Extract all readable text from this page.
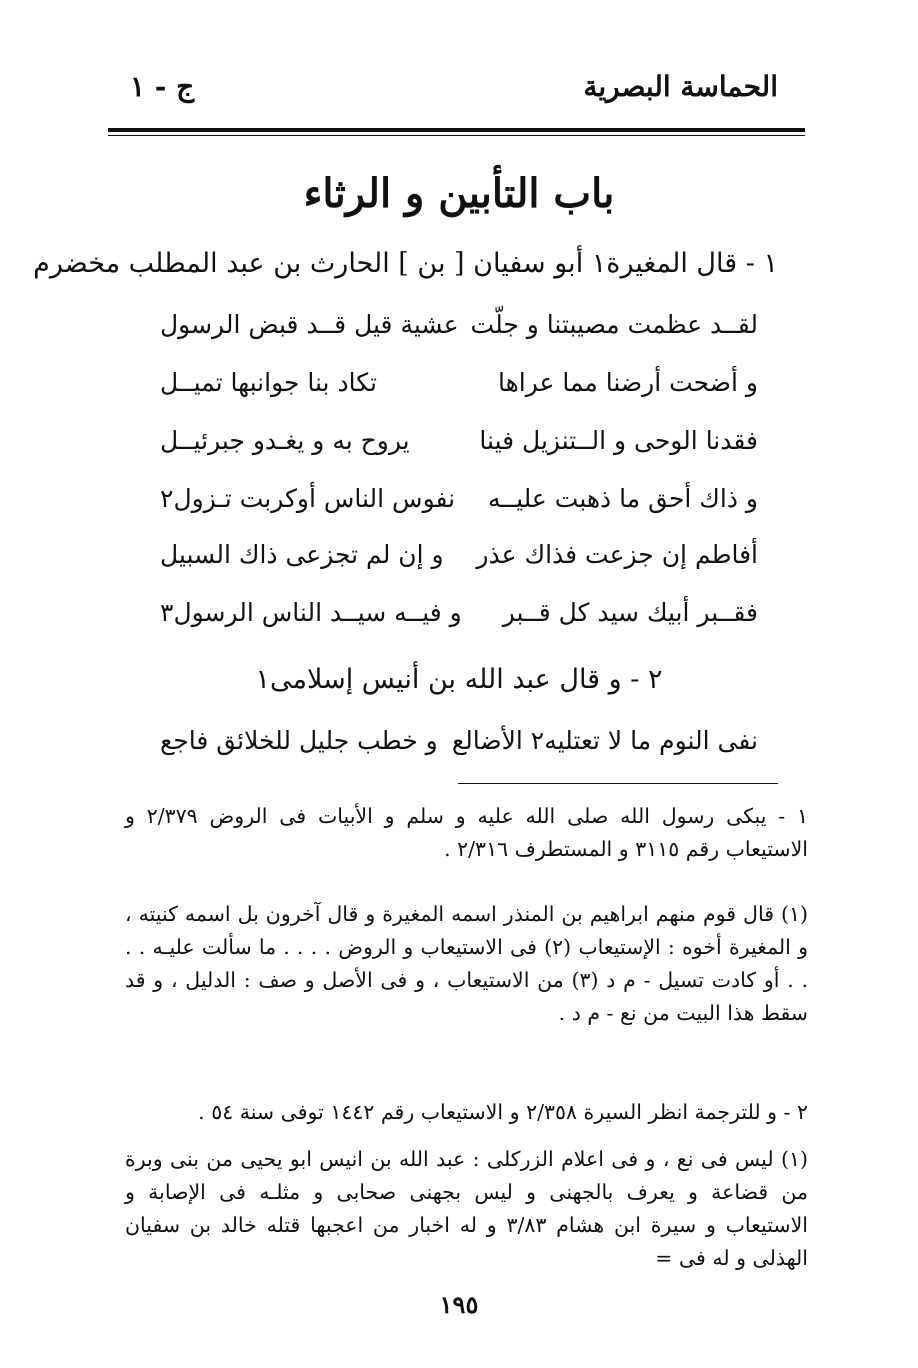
الحماسة البصرية
ج - ١
باب التأبين و الرثاء
١ - قال المغيرة١ أبو سفيان [ بن ] الحارث بن عبد المطلب مخضرم
لقــد عظمت مصيبتنا و جلّت
عشية قيل قــد قبض الرسول
و أضحت أرضنا مما عراها
تكاد بنا جوانبها تميــل
فقدنا الوحى و الــتنزيل فينا
يروح به و يغـدو جبرئيــل
و ذاك أحق ما ذهبت عليــه
نفوس الناس أوكربت تـزول٢
أفاطم إن جزعت فذاك عذر
و إن لم تجزعى ذاك السبيل
فقــبر أبيك سيد كل قــبر
و فيــه سيــد الناس الرسول٣
٢ - و قال عبد الله بن أنيس إسلامى١
نفى النوم ما لا تعتليه٢ الأضالع
و خطب جليل للخلائق فاجع

١ - يبكى رسول الله صلى الله عليه و سلم و الأبيات فى الروض ٢/٣٧٩ و الاستيعاب رقم ٣١١٥ و المستطرف ٢/٣١٦ .

(١) قال قوم منهم ابراهيم بن المنذر اسمه المغيرة و قال آخرون بل اسمه كنيته ، و المغيرة أخوه : الإستيعاب (٢) فى الاستيعاب و الروض . . . . ما سألت عليـه . . . . أو كادت تسيل - م د (٣) من الاستيعاب ، و فى الأصل و صف : الدليل ، و قد سقط هذا البيت من نع - م د .

٢ - و للترجمة انظر السيرة ٢/٣٥٨ و الاستيعاب رقم ١٤٤٢ توفى سنة ٥٤ .

(١) ليس فى نع ، و فى اعلام الزركلى : عبد الله بن انيس ابو يحيى من بنى وبرة من قضاعة و يعرف بالجهنى و ليس بجهنى صحابى و مثلـه فى الإصابة و الاستيعاب و سيرة ابن هشام ٣/٨٣ و له اخبار من اعجبها قتله خالد بن سفيان الهذلى و له فى =

١٩٥
